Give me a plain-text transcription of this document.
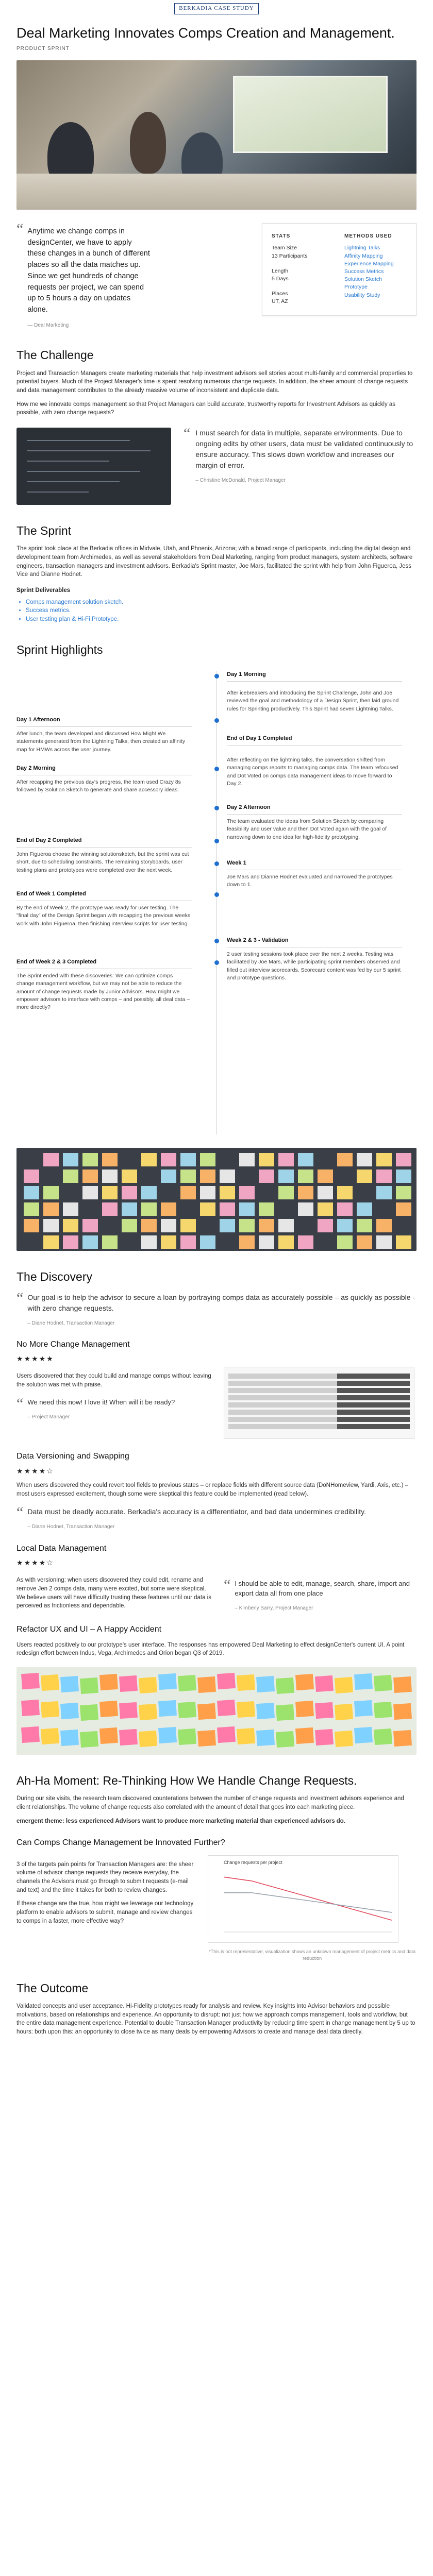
BERKADIA CASE STUDY
Deal Marketing Innovates Comps Creation and Management.
PRODUCT SPRINT
“ Anytime we change comps in designCenter, we have to apply these changes in a bunch of different places so all the data matches up. Since we get hundreds of change requests per project, we can spend up to 5 hours a day on updates alone.
— Deal Marketing
STATS	METHODS USED
Team Size
13 Participants
Length
5 Days
Places
UT, AZ
Lightning Talks
Affinity Mapping
Experience Mapping
Success Metrics
Solution Sketch
Prototype
Usability Study
The Challenge

Project and Transaction Managers create marketing materials that help investment advisors sell stories about multi-family and commercial properties to potential buyers. Much of the Project Manager's time is spent resolving numerous change requests. In addition, the sheer amount of change requests and data management contributes to the already massive volume of inconsistent and duplicate data.

How me we innovate comps management so that Project Managers can build accurate, trustworthy reports for Investment Advisors as quickly as possible, with zero change requests?

“ I must search for data in multiple, separate environments. Due to ongoing edits by other users, data must be validated continuously to ensure accuracy. This slows down workflow and increases our margin of error.
– Christine McDonald, Project Manager
The Sprint

The sprint took place at the Berkadia offices in Midvale, Utah, and Phoenix, Arizona; with a broad range of participants, including the digital design and development team from Archimedes, as well as several stakeholders from Deal Marketing, ranging from product managers, system architects, software engineers, transaction managers and investment advisors. Berkadia's Sprint master, Joe Mars, facilitated the sprint with help from John Figueroa, Jess Vice and Dianne Hodnet.

Sprint Deliverables
• Comps management solution sketch.
• Success metrics.
• User testing plan & Hi-Fi Prototype.
Sprint Highlights
Day 1 Morning
After icebreakers and introducing the Sprint Challenge, John and Joe reviewed the goal and methodology of a Design Sprint, then laid ground rules for Sprinting productively. This Sprint had seven Lightning Talks.
Day 1 Afternoon
After lunch, the team developed and discussed How Might We statements generated from the Lightning Talks, then created an affinity map for HMWs across the user journey.
End of Day 1 Completed
Day 2 Morning
After recapping the previous day's progress, the team used Crazy 8s followed by Solution Sketch to generate and share accessory ideas.
After reflecting on the lightning talks, the conversation shifted from managing comps reports to managing comps data. The team refocused and Dot Voted on comps data management ideas to move forward to Day 2.
Day 2 Afternoon
The team evaluated the ideas from Solution Sketch by comparing feasibility and user value and then Dot Voted again with the goal of narrowing down to one idea for high-fidelity prototyping.
End of Day 2 Completed
John Figueroa choose the winning solutionsketch, but the sprint was cut short, due to scheduling constraints. The remaining storyboards, user testing plans and prototypes were completed over the next week.
Week 1
Joe Mars and Dianne Hodnet evaluated and narrowed the prototypes down to 1.
End of Week 1 Completed
By the end of Week 2, the prototype was ready for user testing. The "final day" of the Design Sprint began with recapping the previous weeks work with John Figueroa, then finishing interview scripts for user testing.
Week 2 & 3 - Validation
2 user testing sessions took place over the next 2 weeks. Testing was facilitated by Joe Mars, while participating sprint members observed and filled out interview scorecards. Scorecard content was fed by our 5 sprint and prototype questions.
End of Week 2 & 3 Completed
The Sprint ended with these discoveries: We can optimize comps change management workflow, but we may not be able to reduce the amount of change requests made by Junior Advisors. How might we empower advisors to interface with comps – and possibly, all deal data – more directly?
The Discovery
“ Our goal is to help the advisor to secure a loan by portraying comps data as accurately possible – as quickly as possible - with zero change requests.
– Diane Hodnet, Transaction Manager
No More Change Management
★★★★★

Users discovered that they could build and manage comps without leaving the solution was met with praise.

“ We need this now! I love it! When will it be ready?
– Project Manager
Data Versioning and Swapping
★★★★☆

When users discovered they could revert tool fields to previous states – or replace fields with different source data (DoNHomeview, Yardi, Axis, etc.) – most users expressed excitement, though some were skeptical this feature could be implemented (read below).

“ Data must be deadly accurate. Berkadia's accuracy is a differentiator, and bad data undermines credibility.
– Diane Hodnet, Transaction Manager
Local Data Management
★★★★☆

As with versioning: when users discovered they could edit, rename and remove Jen 2 comps data, many were excited, but some were skeptical. We believe users will have difficulty trusting these features until our data is perceived as frictionless and dependable.

“ I should be able to edit, manage, search, share, import and export data all from one place
– Kimberly Sarry, Project Manager
Refactor UX and UI – A Happy Accident

Users reacted positively to our prototype's user interface. The responses has empowered Deal Marketing to effect designCenter's current UI. A point redesign effort between Indus, Vega, Archimedes and Orion began Q3 of 2019.

Ah-Ha Moment: Re-Thinking How We Handle Change Requests.

During our site visits, the research team discovered counterations between the number of change requests and investment advisors experience and client relationships. The volume of change requests also correlated with the amount of detail that goes into each marketing piece.

emergent theme: less experienced Advisors want to produce more marketing material than experienced advisors do.

Can Comps Change Management be Innovated Further?

3 of the targets pain points for Transaction Managers are: the sheer volume of advisor change requests they receive everyday, the channels the Advisors must go through to submit requests (e-mail and text) and the time it takes for both to review changes.

If these change are the true, how might we leverage our technology platform to enable advisors to submit, manage and review changes to comps in a faster, more effective way?

Change requests per project
*This is not representative; visualization shows an unknown management of project metrics and data reduction
The Outcome

Validated concepts and user acceptance. Hi-Fidelity prototypes ready for analysis and review. Key insights into Advisor behaviors and possible motivations, based on relationships and experience. An opportunity to disrupt: not just how we approach comps management, tools and workflow, but the entire data management experience. Potential to double Transaction Manager productivity by reducing time spent in change management by 5 up to hours: both upon this: an opportunity to close twice as many deals by empowering Advisors to create and manage deal data directly.
